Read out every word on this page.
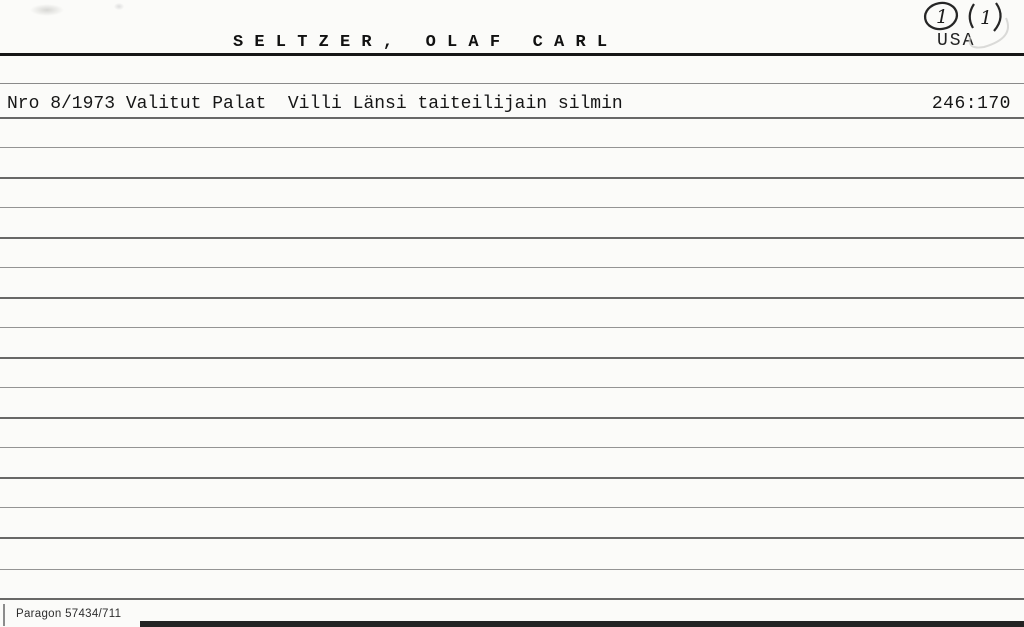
S E L T Z E R ,   O L A F   C A R L	USA
1 1
Nro 8/1973 Valitut Palat  Villi Länsi taiteilijain silmin	246:170
Paragon 57434/711
